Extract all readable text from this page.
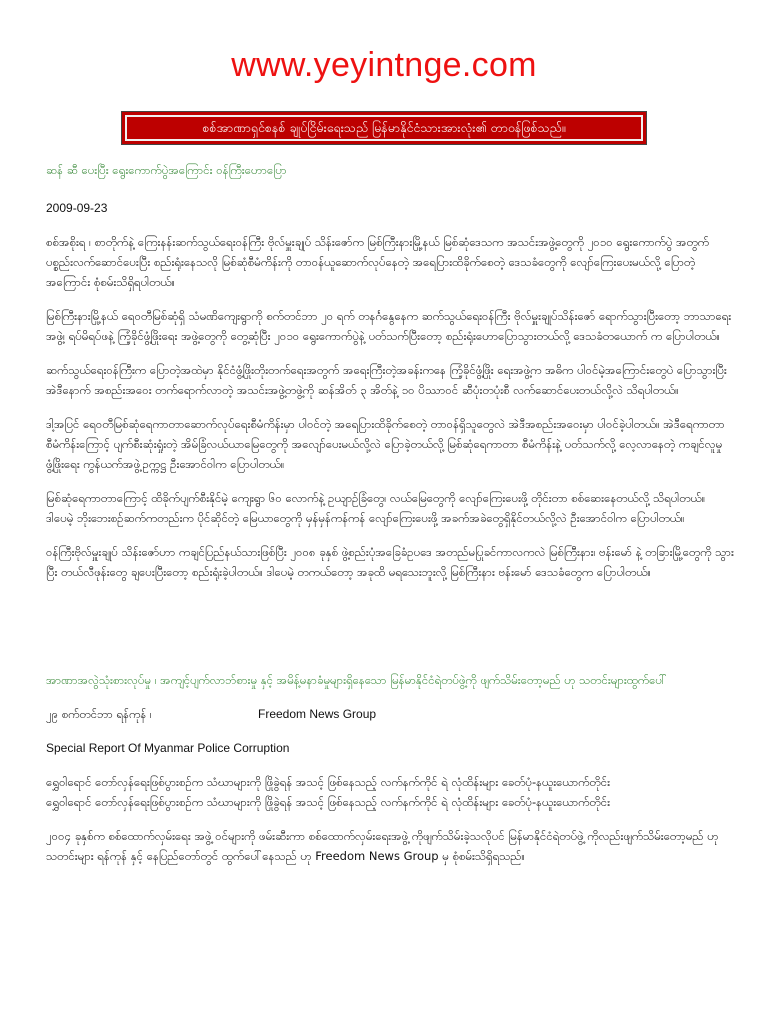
www.yeyintnge.com
စစ်အာဏာရှင်စနစ် ချုပ်ငြိမ်းရေးသည် မြန်မာနိုင်ငံသားအားလုံး၏ တာဝန်ဖြစ်သည်။

ဆန် ဆီ ပေးပြီး ရွေးကောက်ပွဲအကြောင်း ဝန်ကြီးဟောပြော

2009-09-23

စစ်အစိုးရ ၊ စာတိုက်နဲ့ ကြေးနန်းဆက်သွယ်ရေးဝန်ကြီး ဗိုလ်မှူးချုပ် သိန်းဇော်က မြစ်ကြီးနားမြို့နယ် မြစ်ဆုံဒေသက အသင်းအဖွဲ့တွေကို ၂၀၁၀ ရွေးကောက်ပွဲ အတွက် ပစ္စည်းလက်ဆောင်ပေးပြီး စည်းရုံးနေသလို မြစ်ဆုံစီမံကိန်းကို တာဝန်ယူဆောက်လုပ်နေတဲ့ အရေပြားထိခိုက်စေတဲ့ ဒေသခံတွေကို လျော်ကြေးပေးမယ်လို့ ပြောတဲ့အကြောင်း စုံစမ်းသိရှိရပါတယ်။

မြစ်ကြီးနားမြို့နယ် ရေဝတီမြစ်ဆုံရှိ သံမဏိကျေးရွာကို စက်တင်ဘာ ၂၀ ရက် တနင်္ဂနွေနေက ဆက်သွယ်ရေးဝန်ကြီး ဗိုလ်မှူးချုပ်သိန်းဇော် ရောက်သွားပြီးတော့ ဘာသာရေးအဖွဲ့၊ ရပ်မိရပ်ဖနဲ့ ကြံ့ခိုင်ဖွံ့ဖြိုးရေး အဖွဲ့တွေကို တွေ့ဆုံပြီး ၂၀၁၀ ရွေးကောက်ပွဲနဲ့ ပတ်သက်ပြီးတော့ စည်းရုံးဟောပြောသွားတယ်လို့ ဒေသခံတယောက် က ပြောပါတယ်။

ဆက်သွယ်ရေးဝန်ကြီးက ပြောတဲ့အထဲမှာ နိုင်ငံဖွံ့ဖြိုးတိုးတက်ရေးအတွက် အရေးကြီးတဲ့အခန်းကနေ ကြံ့ခိုင်ဖွံ့ဖြိုး ရေးအဖွဲ့က အဓိက ပါဝင်မဲ့အကြောင်းတွေပဲ ပြောသွားပြီး အဲဒီနောက် အစည်းအဝေး တက်ရောက်လာတဲ့ အသင်းအဖွဲ့တဖွဲ့ကို ဆန်အိတ် ၃ အိတ်နဲ့ ၁၀ ပိဿာဝင် ဆီပုံးတပုံးစီ လက်ဆောင်ပေးတယ်လို့လဲ သိရပါတယ်။

ဒါ့အပြင် ရေဝတီမြစ်ဆုံရေကာတာဆောက်လုပ်ရေးစီမံကိန်းမှာ ပါဝင်တဲ့ အရေပြားထိခိုက်စေတဲ့ တာဝန်ရှိသူတွေလဲ အဲဒီအစည်းအဝေးမှာ ပါဝင်ခဲ့ပါတယ်။ အဲဒီရေကာတာစီမံကိန်းကြောင့် ပျက်စီးဆုံးရှုံးတဲ့ အိမ်ခြံလယ်ယာမြေတွေကို အလျော်ပေးမယ်လို့လဲ ပြောခဲ့တယ်လို့ မြစ်ဆုံရေကာတာ စီမံကိန်းနဲ့ ပတ်သက်လို့ လေ့လာနေတဲ့ ကချင်လူမှုဖွံ့ဖြိုးရေး ကွန်ယက်အဖွဲ့ဥက္ကဋ္ဌ ဦးအောင်ဝါက ပြောပါတယ်။

မြစ်ဆုံရေကာတာကြောင့် ထိခိုက်ပျက်စီးနိုင်မဲ့ ကျေးရွာ ၆၀ လောက်နဲ့ ဥယျာဉ်ခြံတွေ၊ လယ်မြေတွေကို လျော်ကြေးပေးဖို့ တိုင်းတာ စစ်ဆေးနေတယ်လို့ သိရပါတယ်။ ဒါပေမဲ့ ဘိုးဘေးစဉ်ဆက်ကတည်းက ပိုင်ဆိုင်တဲ့ မြေယာတွေကို မှန်မှန်ကန်ကန် လျော်ကြေးပေးဖို့ အခက်အခဲတွေရှိနိုင်တယ်လို့လဲ ဦးအောင်ဝါက ပြောပါတယ်။

ဝန်ကြီးဗိုလ်မှူးချုပ် သိန်းဇော်ဟာ ကချင်ပြည်နယ်သားဖြစ်ပြီး ၂၀၀၈ ခုနှစ် ဖွဲ့စည်းပုံအခြေခံဥပဒေ အတည်မပြုခင်ကာလကလဲ မြစ်ကြီးနား၊ ဗန်းမော် နဲ့ တခြားမြို့တွေကို သွားပြီး တယ်လီဖုန်းတွေ ချပေးပြီးတော့ စည်းရုံးခဲ့ပါတယ်။ ဒါပေမဲ့ တကယ်တော့ အခုထိ မရသေးဘူးလို့ မြစ်ကြီးနား ဗန်းမော် ဒေသခံတွေက ပြောပါတယ်။

အာဏာအလွဲသုံးစားလုပ်မှု ၊ အကျင့်ပျက်လာဘ်စားမှု နှင့် အမိန့်မနာခံမှုများရှိနေသော မြန်မာနိုင်ငံရဲတပ်ဖွဲ့ကို ဖျက်သိမ်းတော့မည် ဟု သတင်းများထွက်ပေါ်

၂၉ စက်တင်ဘာ ရန်ကုန် ၊	Freedom News Group

Special Report Of Myanmar Police Corruption

ရွှေဝါရောင် တော်လှန်ရေးဖြစ်ပွားစဉ်က သံဃာများကို ဖြိုခွဲရန် အသင့် ဖြစ်နေသည့် လက်နက်ကိုင် ရဲ လုံထိန်းများ ခေတ်ပုံ-နယူးယောက်တိုင်း

ရွှေဝါရောင် တော်လှန်ရေးဖြစ်ပွားစဉ်က သံဃာများကို ဖြိုခွဲရန် အသင့် ဖြစ်နေသည့် လက်နက်ကိုင် ရဲ လုံထိန်းများ ခေတ်ပုံ-နယူးယောက်တိုင်း

၂၀၀၄ ခုနှစ်က စစ်ထောက်လှမ်းရေး အဖွဲ့ ဝင်များကို ဖမ်းဆီးကာ စစ်ထောက်လှမ်းရေးအဖွဲ့ ကိုဖျက်သိမ်းခဲ့သလိုပင် မြန်မာနိုင်ငံရဲတပ်ဖွဲ့ ကိုလည်းဖျက်သိမ်းတော့မည် ဟု သတင်းများ ရန်ကုန် နှင့် နေပြည်တော်တွင် ထွက်ပေါ်နေသည် ဟု Freedom News Group မှ စုံစမ်းသိရှိရသည်။
